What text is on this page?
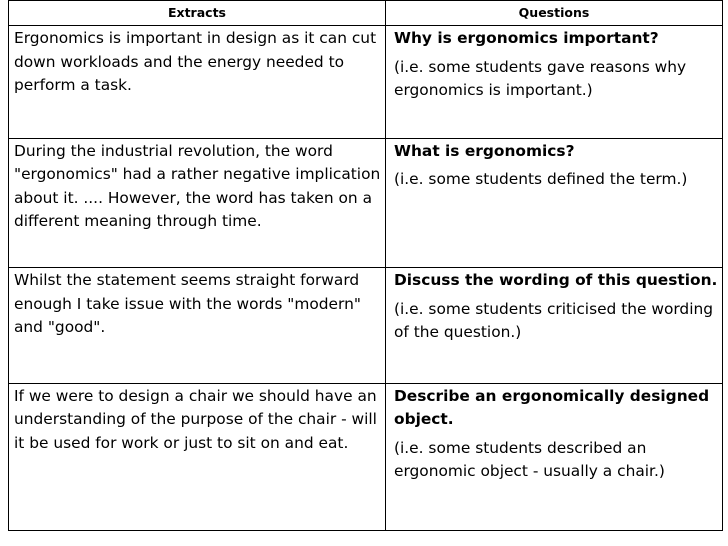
Extracts	Questions

Ergonomics is important in design as it can cut down workloads and the energy needed to perform a task.	Why is ergonomics important?
(i.e. some students gave reasons why ergonomics is important.)

During the industrial revolution, the word "ergonomics" had a rather negative implication about it. .... However, the word has taken on a different meaning through time.	What is ergonomics?
(i.e. some students defined the term.)

Whilst the statement seems straight forward enough I take issue with the words "modern" and "good".	Discuss the wording of this question.
(i.e. some students criticised the wording of the question.)

If we were to design a chair we should have an understanding of the purpose of the chair - will it be used for work or just to sit on and eat.	Describe an ergonomically designed object.
(i.e. some students described an ergonomic object - usually a chair.)
